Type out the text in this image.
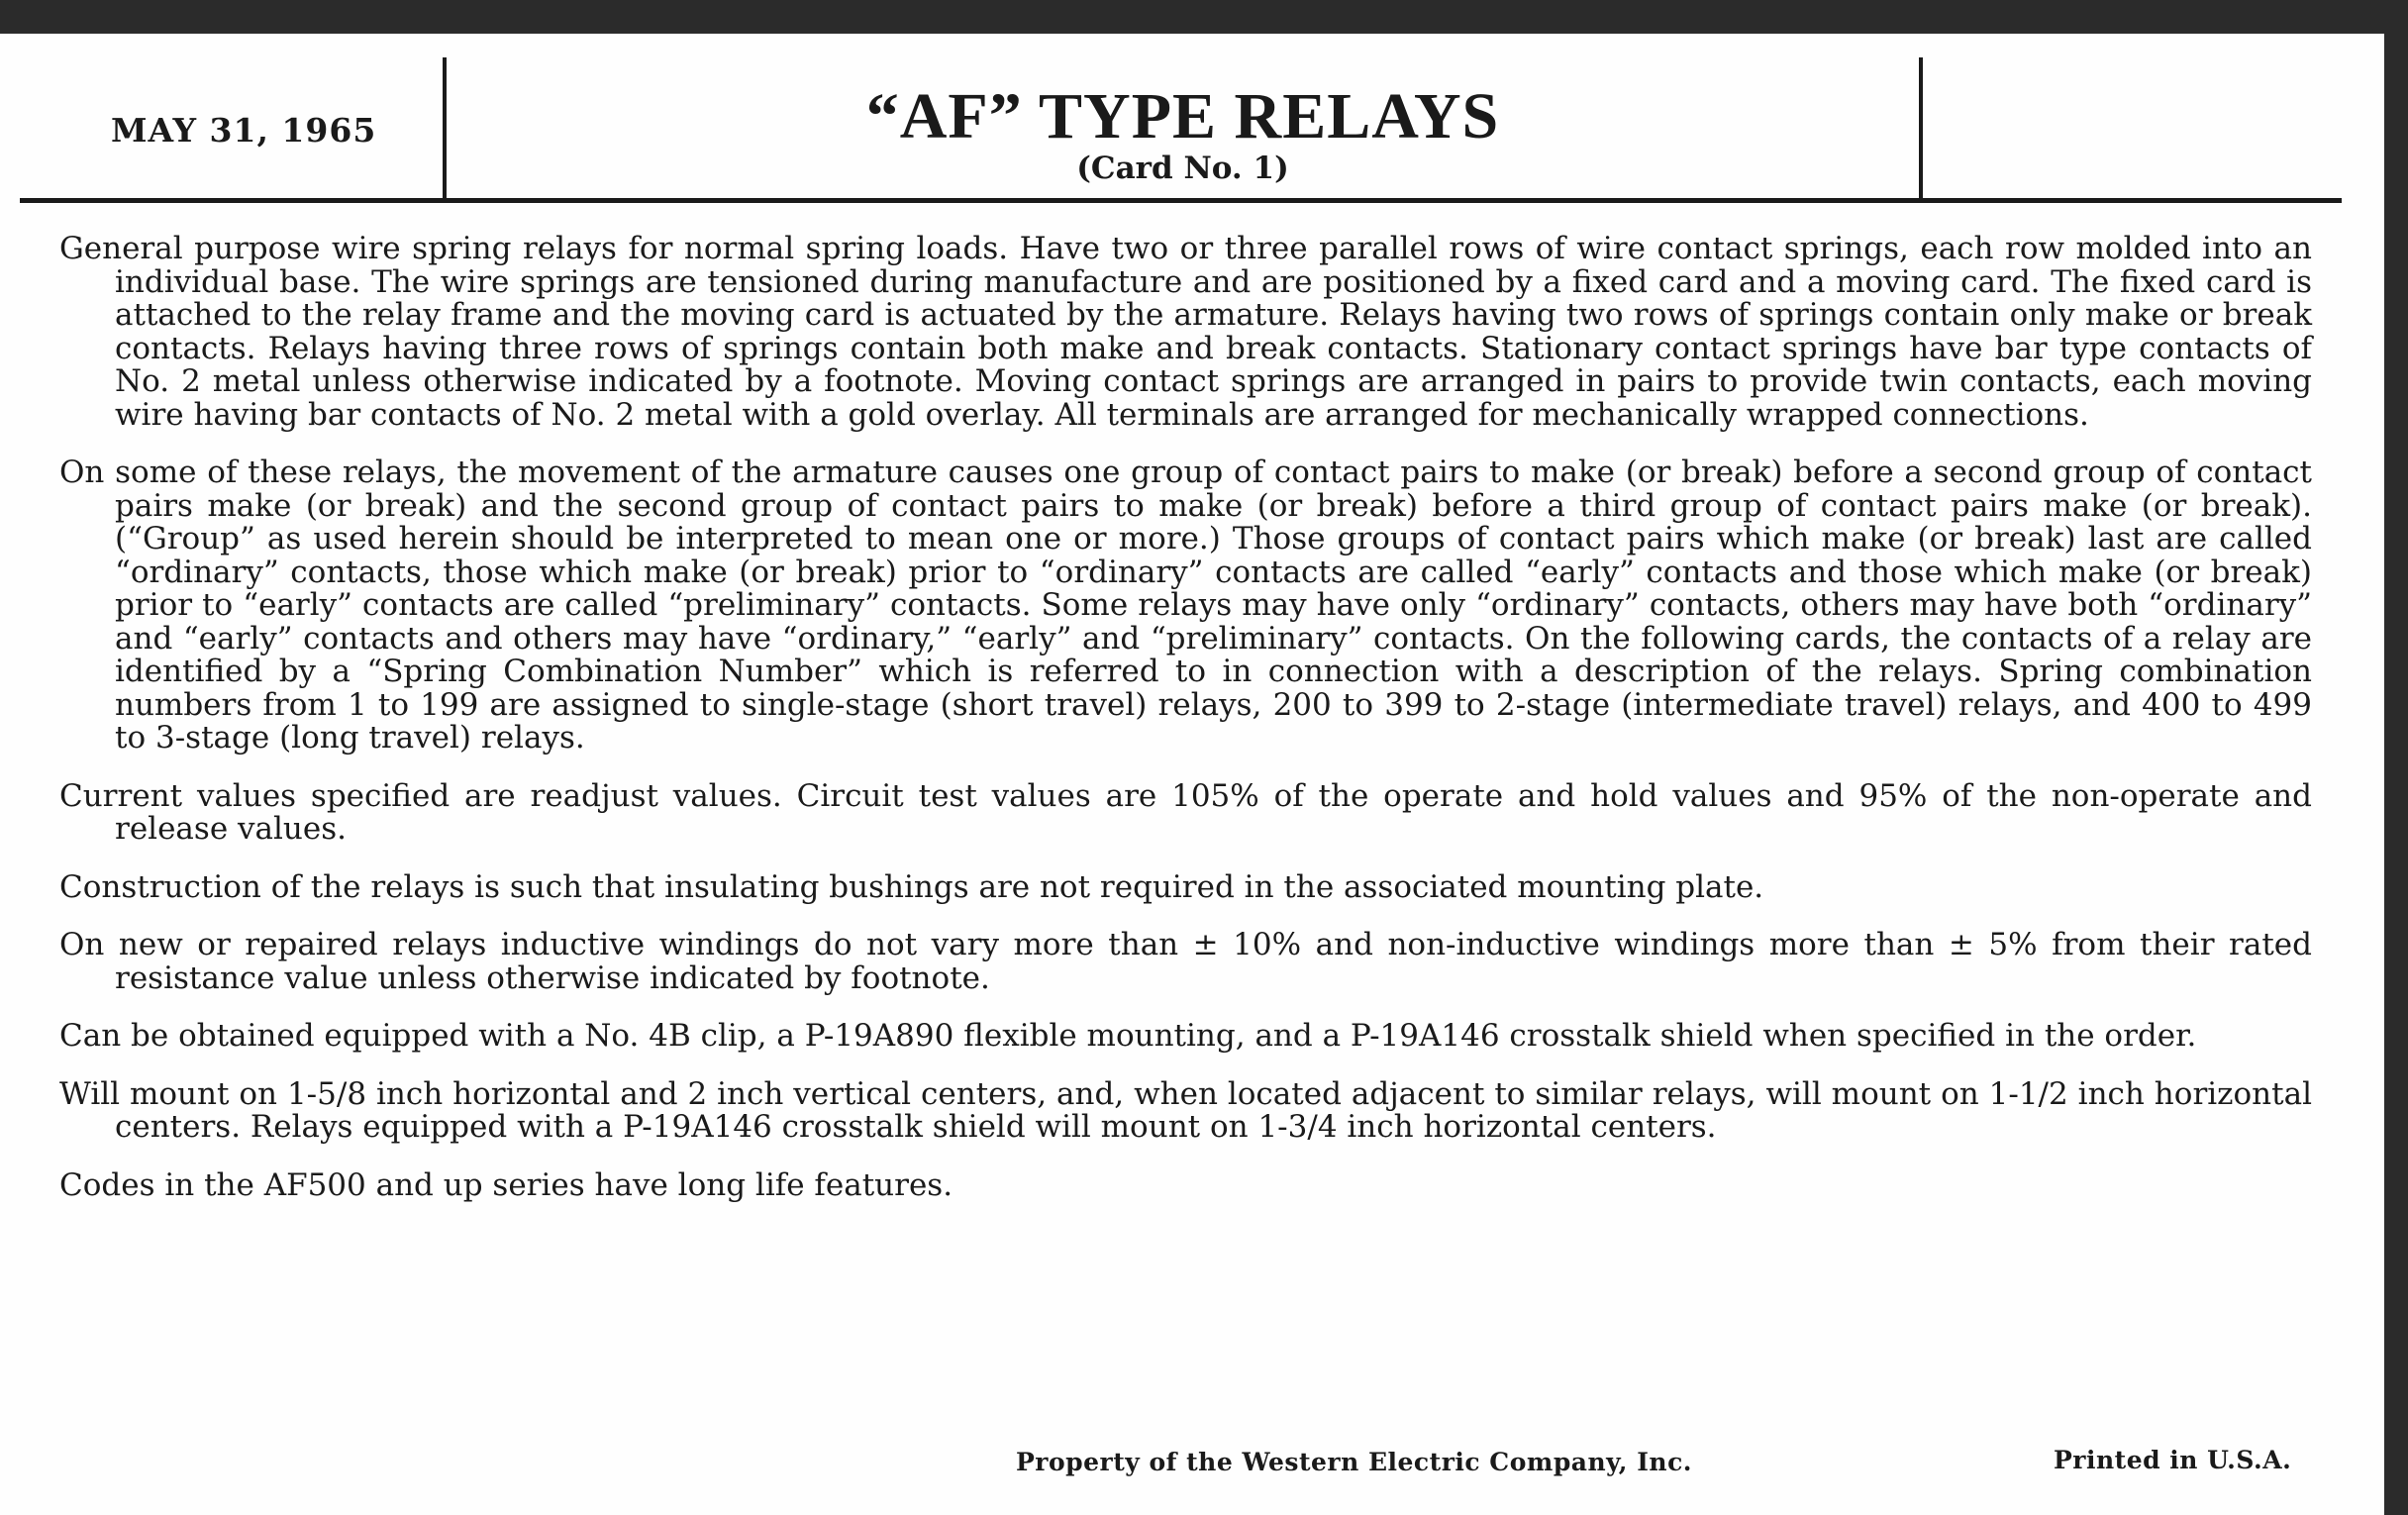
MAY 31, 1965	“AF” TYPE RELAYS
(Card No. 1)

General purpose wire spring relays for normal spring loads. Have two or three parallel rows of wire contact springs, each row molded into an individual base. The wire springs are tensioned during manufacture and are positioned by a fixed card and a moving card. The fixed card is attached to the relay frame and the moving card is actuated by the armature. Relays having two rows of springs contain only make or break contacts. Relays having three rows of springs contain both make and break contacts. Stationary contact springs have bar type contacts of No. 2 metal unless otherwise indicated by a footnote. Moving contact springs are arranged in pairs to provide twin contacts, each moving wire having bar contacts of No. 2 metal with a gold overlay. All terminals are arranged for mechanically wrapped connections.

On some of these relays, the movement of the armature causes one group of contact pairs to make (or break) before a second group of contact pairs make (or break) and the second group of contact pairs to make (or break) before a third group of contact pairs make (or break). (“Group” as used herein should be interpreted to mean one or more.) Those groups of contact pairs which make (or break) last are called “ordinary” contacts, those which make (or break) prior to “ordinary” contacts are called “early” contacts and those which make (or break) prior to “early” contacts are called “preliminary” contacts. Some relays may have only “ordinary” contacts, others may have both “ordinary” and “early” contacts and others may have “ordinary,” “early” and “preliminary” contacts. On the following cards, the contacts of a relay are identified by a “Spring Combination Number” which is referred to in connection with a description of the relays. Spring combination numbers from 1 to 199 are assigned to single-stage (short travel) relays, 200 to 399 to 2-stage (intermediate travel) relays, and 400 to 499 to 3-stage (long travel) relays.

Current values specified are readjust values. Circuit test values are 105% of the operate and hold values and 95% of the non-operate and release values.

Construction of the relays is such that insulating bushings are not required in the associated mounting plate.

On new or repaired relays inductive windings do not vary more than ± 10% and non-inductive windings more than ± 5% from their rated resistance value unless otherwise indicated by footnote.

Can be obtained equipped with a No. 4B clip, a P-19A890 flexible mounting, and a P-19A146 crosstalk shield when specified in the order.

Will mount on 1-5/8 inch horizontal and 2 inch vertical centers, and, when located adjacent to similar relays, will mount on 1-1/2 inch horizontal centers. Relays equipped with a P-19A146 crosstalk shield will mount on 1-3/4 inch horizontal centers.

Codes in the AF500 and up series have long life features.

Property of the Western Electric Company, Inc.	Printed in U.S.A.
